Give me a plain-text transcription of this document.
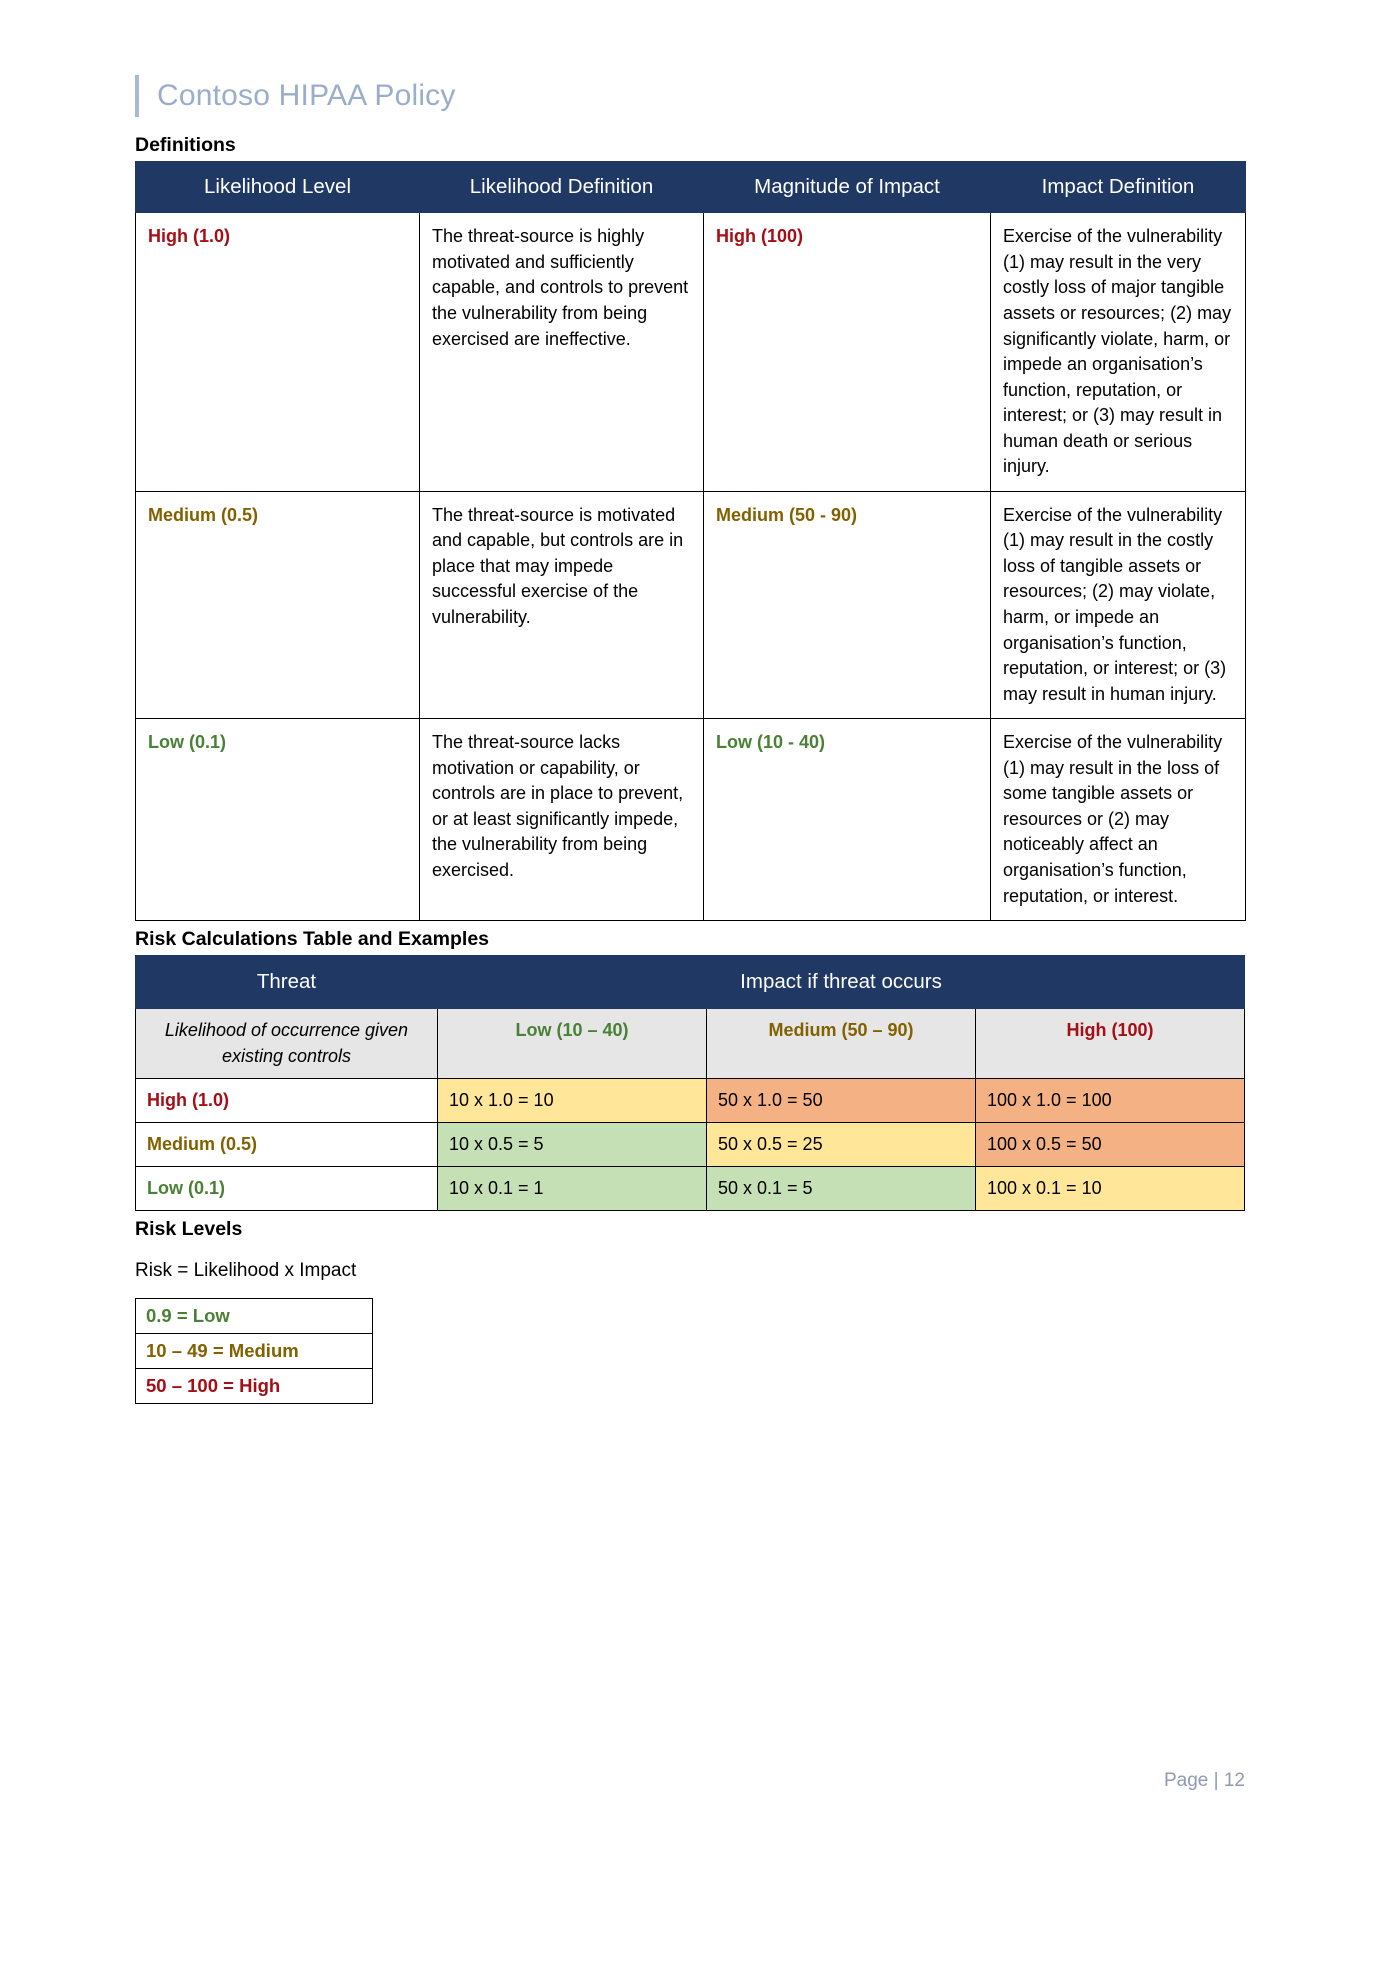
Contoso HIPAA Policy
Definitions
Likelihood Level	Likelihood Definition	Magnitude of Impact	Impact Definition
High (1.0)	The threat-source is highly motivated and sufficiently capable, and controls to prevent the vulnerability from being exercised are ineffective.	High (100)	Exercise of the vulnerability (1) may result in the very costly loss of major tangible assets or resources; (2) may significantly violate, harm, or impede an organisation’s function, reputation, or interest; or (3) may result in human death or serious injury.
Medium (0.5)	The threat-source is motivated and capable, but controls are in place that may impede successful exercise of the vulnerability.	Medium (50 - 90)	Exercise of the vulnerability (1) may result in the costly loss of tangible assets or resources; (2) may violate, harm, or impede an organisation’s function, reputation, or interest; or (3) may result in human injury.
Low (0.1)	The threat-source lacks motivation or capability, or controls are in place to prevent, or at least significantly impede, the vulnerability from being exercised.	Low (10 - 40)	Exercise of the vulnerability (1) may result in the loss of some tangible assets or resources or (2) may noticeably affect an organisation’s function, reputation, or interest.
Risk Calculations Table and Examples
Threat	Impact if threat occurs		
Likelihood of occurrence given existing controls	Low (10 – 40)	Medium (50 – 90)	High (100)
High (1.0)	10 x 1.0 = 10	50 x 1.0 = 50	100 x 1.0 = 100
Medium (0.5)	10 x 0.5 = 5	50 x 0.5 = 25	100 x 0.5 = 50
Low (0.1)	10 x 0.1 = 1	50 x 0.1 = 5	100 x 0.1 = 10
Risk Levels
Risk = Likelihood x Impact
0.9 = Low
10 – 49 = Medium
50 – 100 = High
Page | 12
